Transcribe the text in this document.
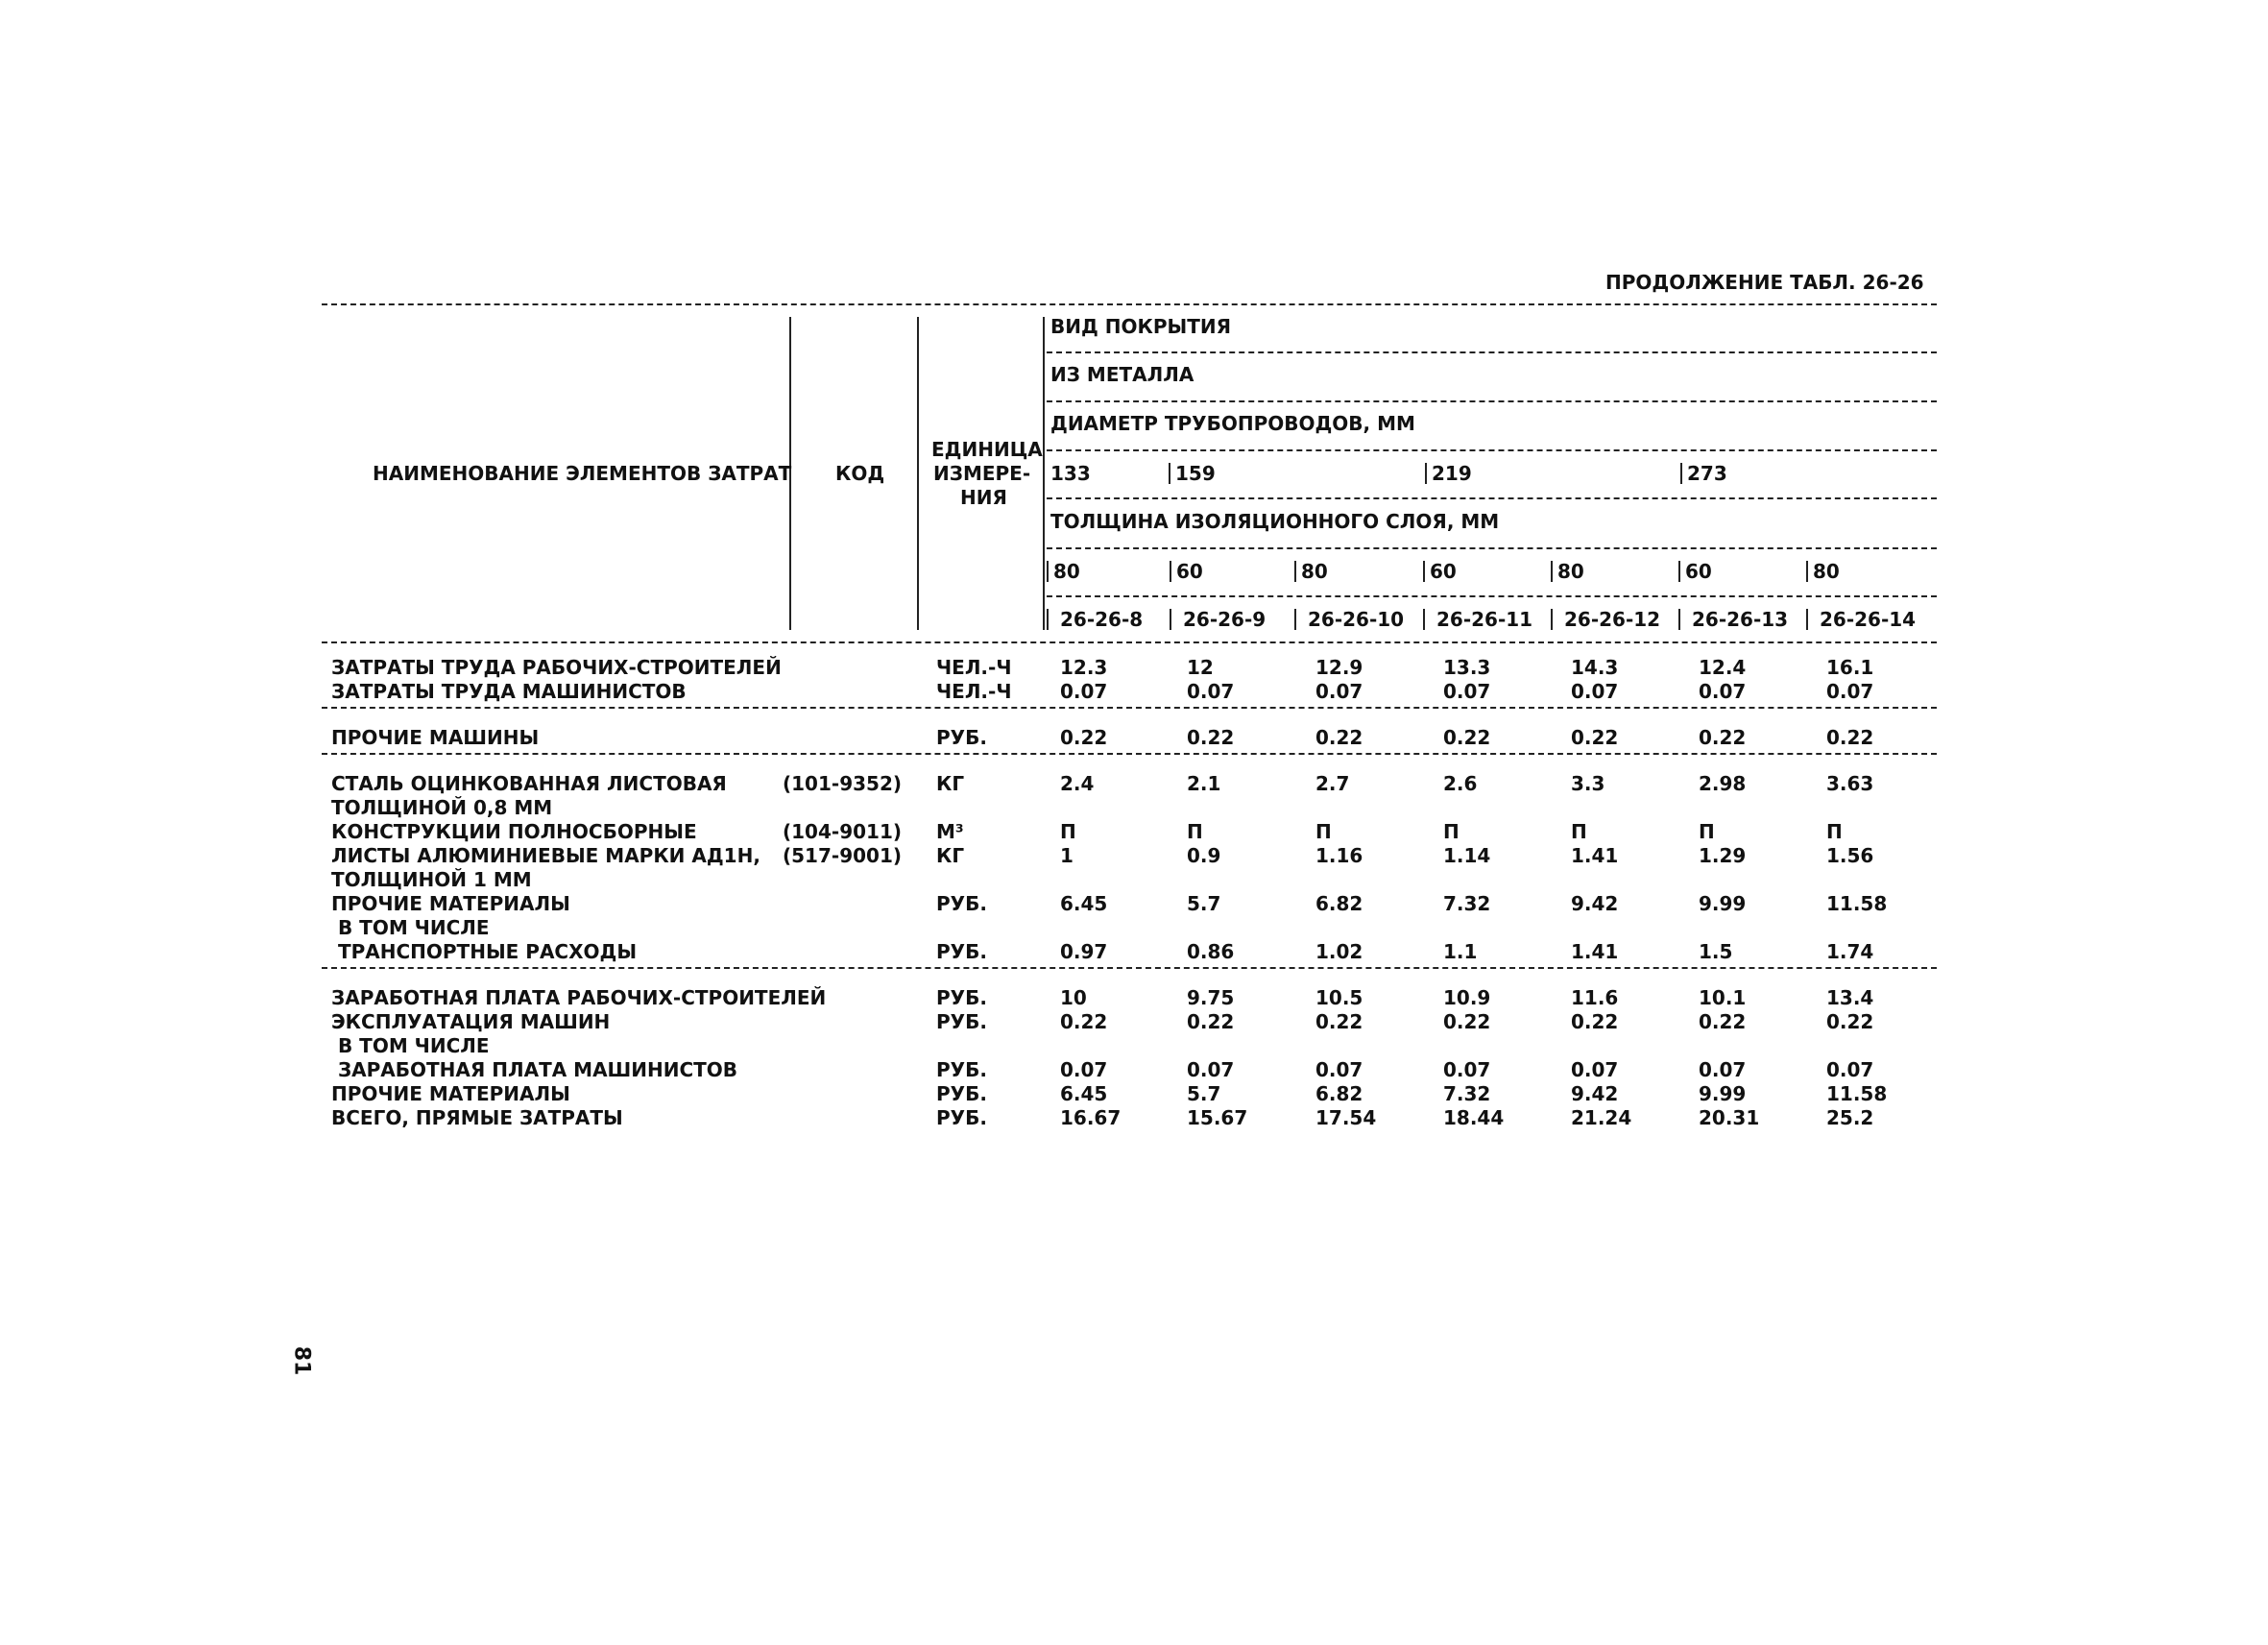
ПРОДОЛЖЕНИЕ ТАБЛ. 26-26
НАИМЕНОВАНИЕ ЭЛЕМЕНТОВ ЗАТРАТ КОД
ЕДИНИЦА
ИЗМЕРЕ-
НИЯ
ВИД ПОКРЫТИЯ
ИЗ МЕТАЛЛА
ДИАМЕТР ТРУБОПРОВОДОВ, ММ
133	159	219	273
ТОЛЩИНА ИЗОЛЯЦИОННОГО СЛОЯ, ММ
80	60	80	60	80	60	80
26-26-8 26-26-9 26-26-10 26-26-11 26-26-12 26-26-13 26-26-14
ЗАТРАТЫ ТРУДА РАБОЧИХ-СТРОИТЕЛЕЙ	ЧЕЛ.-Ч	12.3	12	12.9	13.3	14.3	12.4	16.1
ЗАТРАТЫ ТРУДА МАШИНИСТОВ	ЧЕЛ.-Ч	0.07	0.07	0.07	0.07	0.07	0.07	0.07
ПРОЧИЕ МАШИНЫ	РУБ.	0.22	0.22	0.22	0.22	0.22	0.22	0.22
СТАЛЬ ОЦИНКОВАННАЯ ЛИСТОВАЯ	(101-9352) КГ	2.4	2.1	2.7	2.6	3.3	2.98	3.63
ТОЛЩИНОЙ 0,8 ММ
КОНСТРУКЦИИ ПОЛНОСБОРНЫЕ	(104-9011) М³	П	П	П	П	П	П	П
ЛИСТЫ АЛЮМИНИЕВЫЕ МАРКИ АД1Н, (517-9001) КГ	1	0.9	1.16	1.14	1.41	1.29	1.56
ТОЛЩИНОЙ 1 ММ
ПРОЧИЕ МАТЕРИАЛЫ	РУБ.	6.45	5.7	6.82	7.32	9.42	9.99	11.58
В ТОМ ЧИСЛЕ
ТРАНСПОРТНЫЕ РАСХОДЫ	РУБ.	0.97	0.86	1.02	1.1	1.41	1.5	1.74
ЗАРАБОТНАЯ ПЛАТА РАБОЧИХ-СТРОИТЕЛЕЙ	РУБ.	10	9.75	10.5	10.9	11.6	10.1	13.4
ЭКСПЛУАТАЦИЯ МАШИН	РУБ.	0.22	0.22	0.22	0.22	0.22	0.22	0.22
В ТОМ ЧИСЛЕ
ЗАРАБОТНАЯ ПЛАТА МАШИНИСТОВ	РУБ.	0.07	0.07	0.07	0.07	0.07	0.07	0.07
ПРОЧИЕ МАТЕРИАЛЫ	РУБ.	6.45	5.7	6.82	7.32	9.42	9.99	11.58
ВСЕГО, ПРЯМЫЕ ЗАТРАТЫ	РУБ.	16.67	15.67	17.54	18.44	21.24	20.31	25.2
81
